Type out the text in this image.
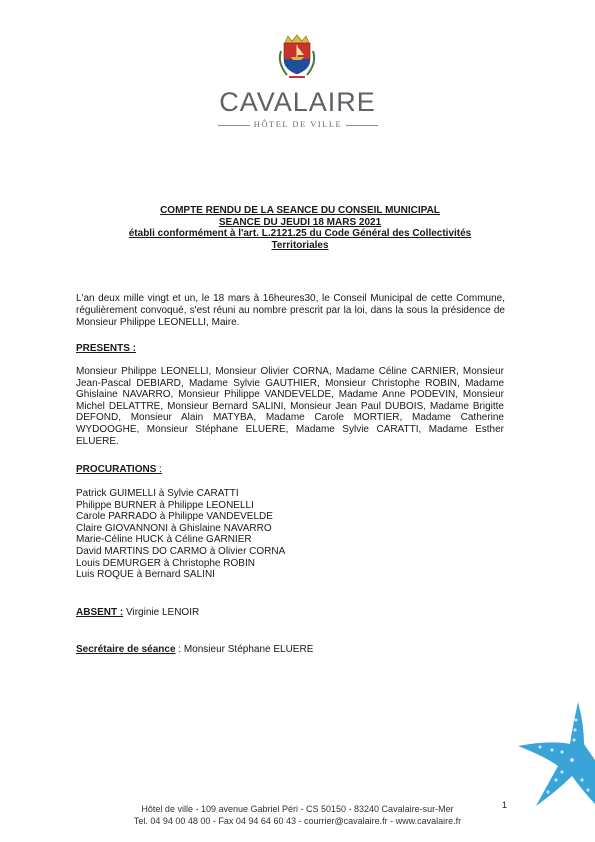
CAVALAIRE
HÔTEL DE VILLE
COMPTE RENDU DE LA SEANCE DU CONSEIL MUNICIPAL
SEANCE DU JEUDI 18 MARS 2021
établi conformément à l'art. L.2121.25 du Code Général des Collectivités
Territoriales
L'an deux mille vingt et un, le 18 mars à 16heures30, le Conseil Municipal de cette Commune, régulièrement convoqué, s'est réuni au nombre prescrit par la loi, dans la sous la présidence de Monsieur Philippe LEONELLI, Maire.
PRESENTS :
Monsieur Philippe LEONELLI, Monsieur Olivier CORNA, Madame Céline CARNIER, Monsieur Jean-Pascal DEBIARD, Madame Sylvie GAUTHIER, Monsieur Christophe ROBIN, Madame Ghislaine NAVARRO, Monsieur Philippe VANDEVELDE, Madame Anne PODEVIN, Monsieur Michel DELATTRE, Monsieur Bernard SALINI, Monsieur Jean Paul DUBOIS, Madame Brigitte DEFOND, Monsieur Alain MATYBA, Madame Carole MORTIER, Madame Catherine WYDOOGHE, Monsieur Stéphane ELUERE, Madame Sylvie CARATTI, Madame Esther ELUERE.
PROCURATIONS :
Patrick GUIMELLI à Sylvie CARATTI
Philippe BURNER à Philippe LEONELLI
Carole PARRADO à Philippe VANDEVELDE
Claire GIOVANNONI à Ghislaine NAVARRO
Marie-Céline HUCK à Céline GARNIER
David MARTINS DO CARMO à Olivier CORNA
Louis DEMURGER à Christophe ROBIN
Luis ROQUE à Bernard SALINI
ABSENT : Virginie LENOIR
Secrétaire de séance : Monsieur Stéphane ELUERE
1
Hôtel de ville - 109 avenue Gabriel Péri - CS 50150 - 83240 Cavalaire-sur-Mer
Tel. 04 94 00 48 00 - Fax 04 94 64 60 43 - courrier@cavalaire.fr - www.cavalaire.fr
